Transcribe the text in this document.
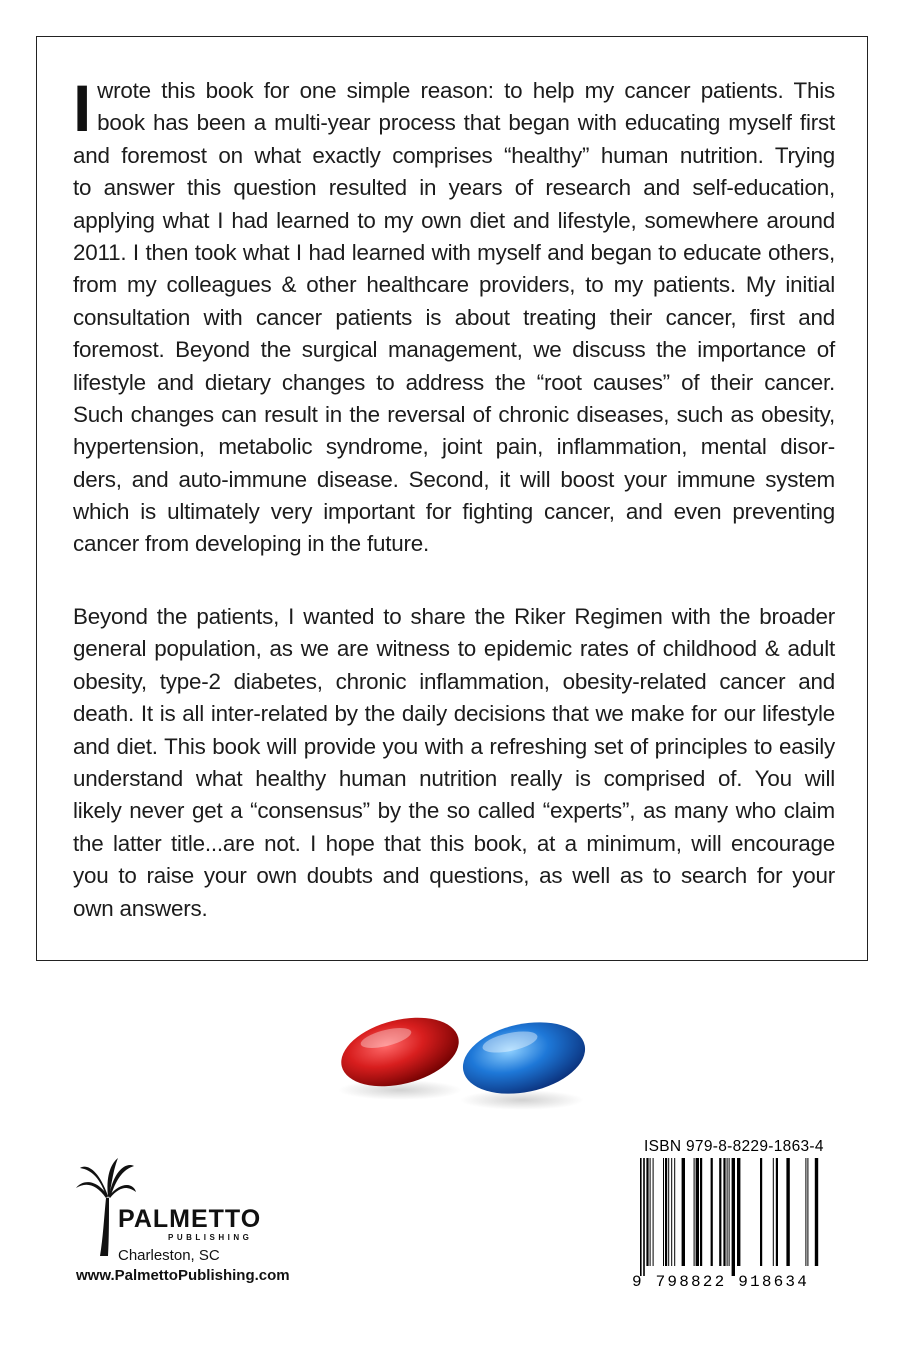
I wrote this book for one simple reason: to help my cancer patients. This
book has been a multi-year process that began with educating myself first
and foremost on what exactly comprises “healthy” human nutrition. Trying
to answer this question resulted in years of research and self-education,
applying what I had learned to my own diet and lifestyle, somewhere around
2011. I then took what I had learned with myself and began to educate others,
from my colleagues & other healthcare providers, to my patients. My initial
consultation with cancer patients is about treating their cancer, first and
foremost. Beyond the surgical management, we discuss the importance of
lifestyle and dietary changes to address the “root causes” of their cancer.
Such changes can result in the reversal of chronic diseases, such as obesity,
hypertension, metabolic syndrome, joint pain, inflammation, mental disor-
ders, and auto-immune disease. Second, it will boost your immune system
which is ultimately very important for fighting cancer, and even preventing
cancer from developing in the future.
Beyond the patients, I wanted to share the Riker Regimen with the broader
general population, as we are witness to epidemic rates of childhood & adult
obesity, type-2 diabetes, chronic inflammation, obesity-related cancer and
death. It is all inter-related by the daily decisions that we make for our lifestyle
and diet. This book will provide you with a refreshing set of principles to easily
understand what healthy human nutrition really is comprised of. You will
likely never get a “consensus” by the so called “experts”, as many who claim
the latter title...are not. I hope that this book, at a minimum, will encourage
you to raise your own doubts and questions, as well as to search for your
own answers.
PALMETTO
PUBLISHING
Charleston, SC
www.PalmettoPublishing.com
ISBN 979-8-8229-1863-4
9 798822 918634
